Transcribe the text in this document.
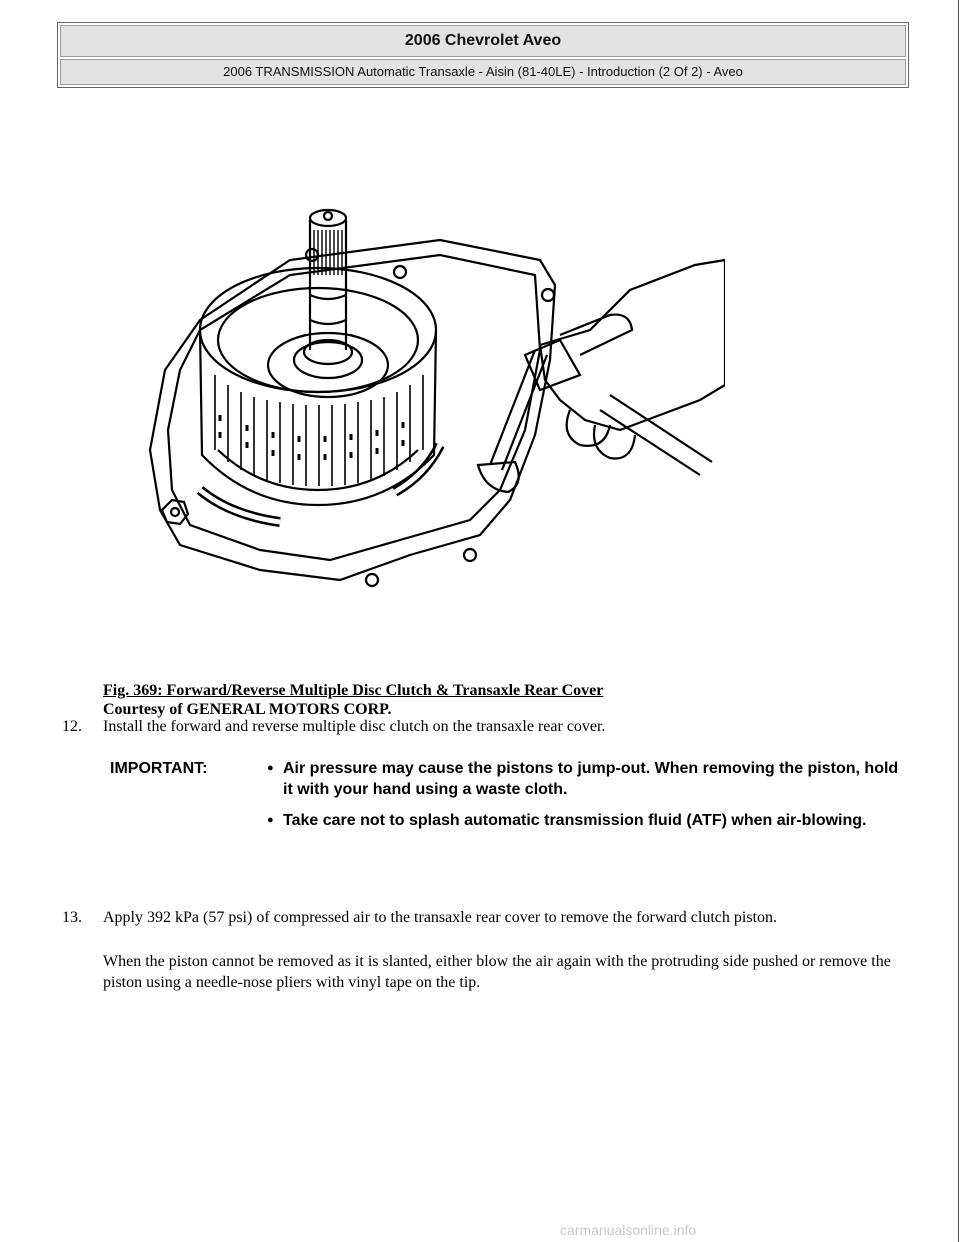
2006 Chevrolet Aveo
2006 TRANSMISSION Automatic Transaxle - Aisin (81-40LE) - Introduction (2 Of 2) - Aveo
Fig. 369: Forward/Reverse Multiple Disc Clutch & Transaxle Rear Cover
Courtesy of GENERAL MOTORS CORP.
12. Install the forward and reverse multiple disc clutch on the transaxle rear cover.
IMPORTANT:
●	Air pressure may cause the pistons to jump-out. When removing the piston, hold it with your hand using a waste cloth.
● Take care not to splash automatic transmission fluid (ATF) when air-blowing.
13. Apply 392 kPa (57 psi) of compressed air to the transaxle rear cover to remove the forward clutch piston.
When the piston cannot be removed as it is slanted, either blow the air again with the protruding side pushed or remove the piston using a needle-nose pliers with vinyl tape on the tip.
carmanualsonline.info
